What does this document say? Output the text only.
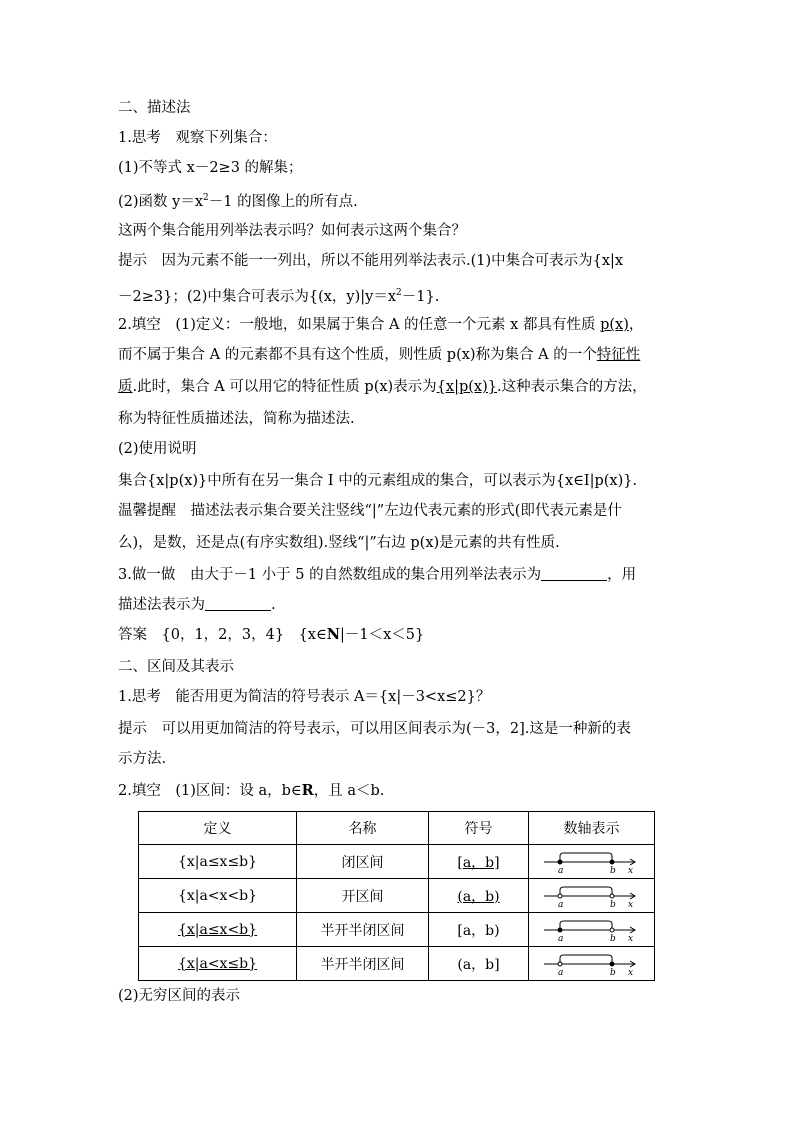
二、描述法
1.思考　观察下列集合：
(1)不等式 x－2≥3 的解集；
(2)函数 $y=x^2-1$ 的图像上的所有点.
这两个集合能用列举法表示吗？如何表示这两个集合？
提示　因为元素不能一一列出，所以不能用列举法表示.(1)中集合可表示为{x|x
－2≥3}；(2)中集合可表示为{(x，$y)|y=x^2-1$}.
2.填空　(1)定义：一般地，如果属于集合 A 的任意一个元素 x 都具有性质 p(x)，
而不属于集合 A 的元素都不具有这个性质，则性质 p(x)称为集合 A 的一个特征性
质.此时，集合 A 可以用它的特征性质 p(x)表示为{x|p(x)}.这种表示集合的方法，
称为特征性质描述法，简称为描述法.
(2)使用说明
集合{x|p(x)}中所有在另一集合 I 中的元素组成的集合，可以表示为{x∈I|p(x)}.
温馨提醒　描述法表示集合要关注竖线“|”左边代表元素的形式(即代表元素是什
么)，是数，还是点(有序实数组).竖线“|”右边 p(x)是元素的共有性质.
3.做一做　由大于－1 小于 5 的自然数组成的集合用列举法表示为	，用
描述法表示为	.
答案　{0，1，2，3，4}　{x∈N|－1＜x＜5}
二、区间及其表示
1.思考　能否用更为简洁的符号表示 A＝{x|－3<x≤2}？
提示　可以用更加简洁的符号表示，可以用区间表示为(－3，2].这是一种新的表
示方法.
2.填空　(1)区间：设 a，b∈R，且 a＜b.
定义	名称	符号	数轴表示
{x|a≤x≤b}	闭区间	[a，b]	a b x

{x|a<x<b}	开区间	(a，b)	a b x

{x|a≤x<b}	半开半闭区间	[a，b)	a b x

{x|a<x≤b}	半开半闭区间	(a，b]	a b x
(2)无穷区间的表示
